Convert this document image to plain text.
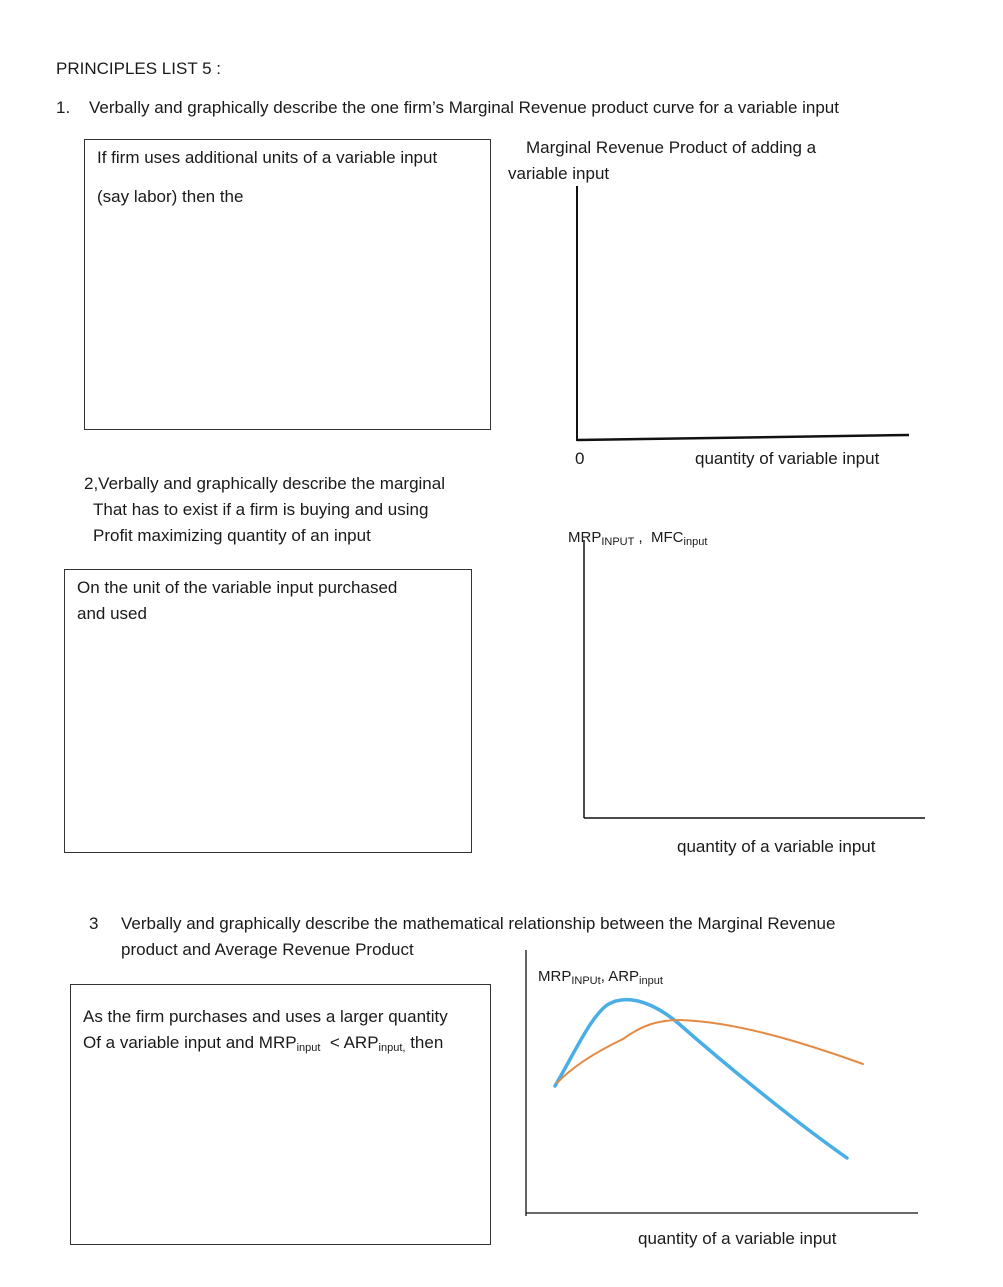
PRINCIPLES LIST 5 :
1. Verbally and graphically describe the one firm’s Marginal Revenue product curve for a variable input
If firm uses additional units of a variable input
(say labor) then the
Marginal Revenue Product of adding a
variable input
0	quantity of variable input
2,Verbally and graphically describe the marginal
That has to exist if a firm is buying and using
Profit maximizing quantity of an input
On the unit of the variable input purchased
and used
$MRP_{INPUT}$ ,  $MFC_{input}$
quantity of a variable input
3 Verbally and graphically describe the mathematical relationship between the Marginal Revenue
product and Average Revenue Product
As the firm purchases and uses a larger quantity
Of a variable input and $MRP_{input} < ARP_{input,}$ then
$MRP_{INPUt}$, $ARP_{input}$
quantity of a variable input
